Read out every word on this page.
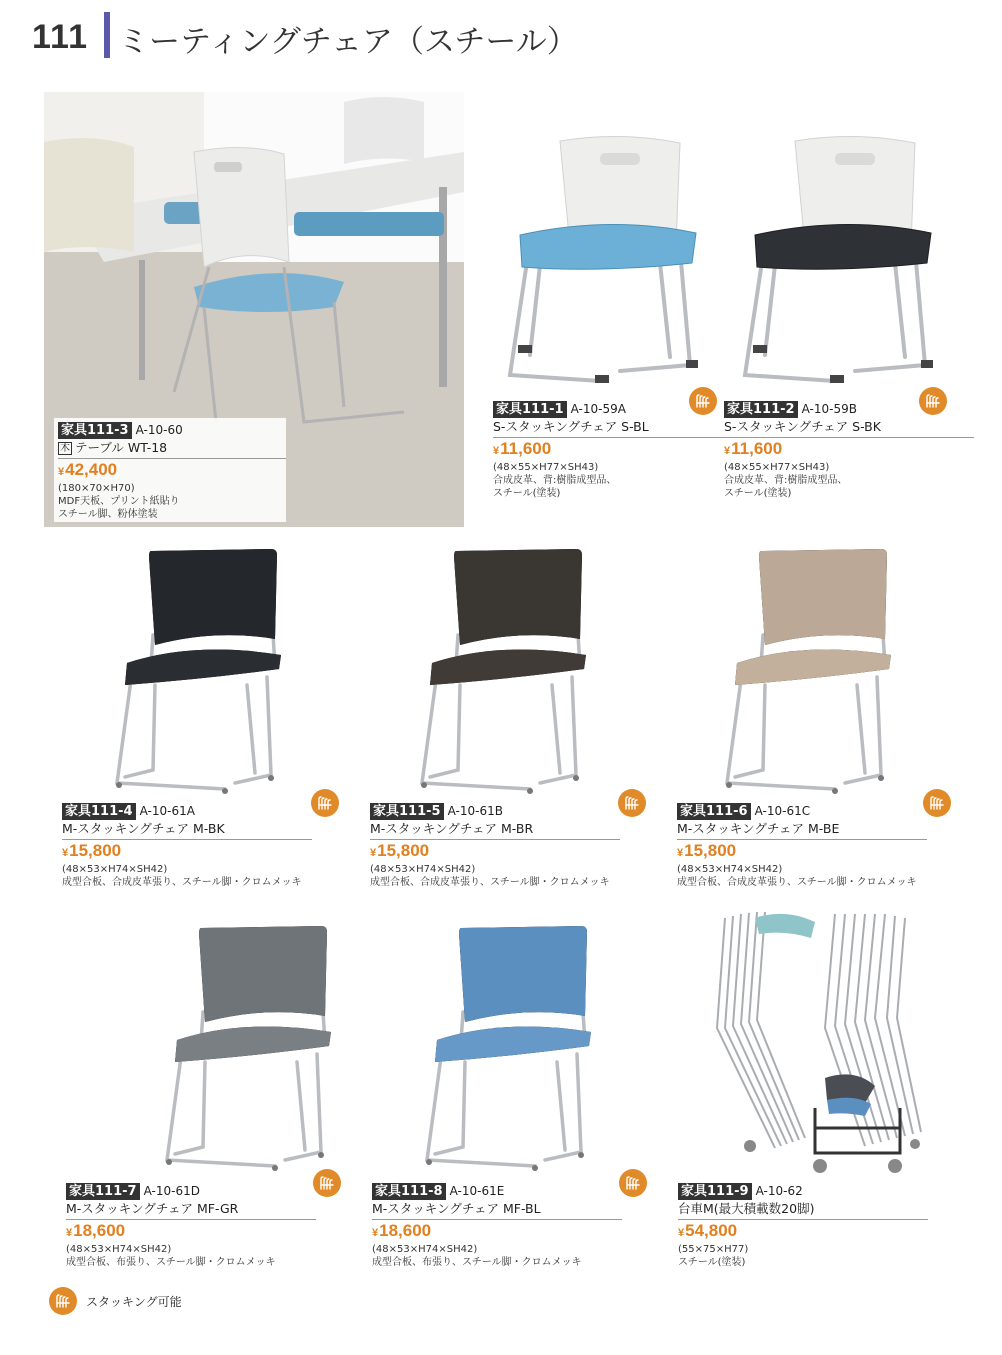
111 ミーティングチェア（スチール）
家具111-3 A-10-60
木 テーブル WT-18
¥42,400
(180×70×H70)
MDF天板、プリント紙貼り
スチール脚、粉体塗装
家具111-1 A-10-59A
S-スタッキングチェア S-BL
¥11,600
(48×55×H77×SH43)
合成皮革、背:樹脂成型品、
スチール(塗装)
家具111-2 A-10-59B
S-スタッキングチェア S-BK
¥11,600
(48×55×H77×SH43)
合成皮革、背:樹脂成型品、
スチール(塗装)
家具111-4 A-10-61A
M-スタッキングチェア M-BK
¥15,800
(48×53×H74×SH42)
成型合板、合成皮革張り、スチール脚・クロムメッキ
家具111-5 A-10-61B
M-スタッキングチェア M-BR
¥15,800
(48×53×H74×SH42)
成型合板、合成皮革張り、スチール脚・クロムメッキ
家具111-6 A-10-61C
M-スタッキングチェア M-BE
¥15,800
(48×53×H74×SH42)
成型合板、合成皮革張り、スチール脚・クロムメッキ
家具111-7 A-10-61D
M-スタッキングチェア MF-GR
¥18,600
(48×53×H74×SH42)
成型合板、布張り、スチール脚・クロムメッキ
家具111-8 A-10-61E
M-スタッキングチェア MF-BL
¥18,600
(48×53×H74×SH42)
成型合板、布張り、スチール脚・クロムメッキ
家具111-9 A-10-62
台車M(最大積載数20脚)
¥54,800
(55×75×H77)
スチール(塗装)
スタッキング可能
